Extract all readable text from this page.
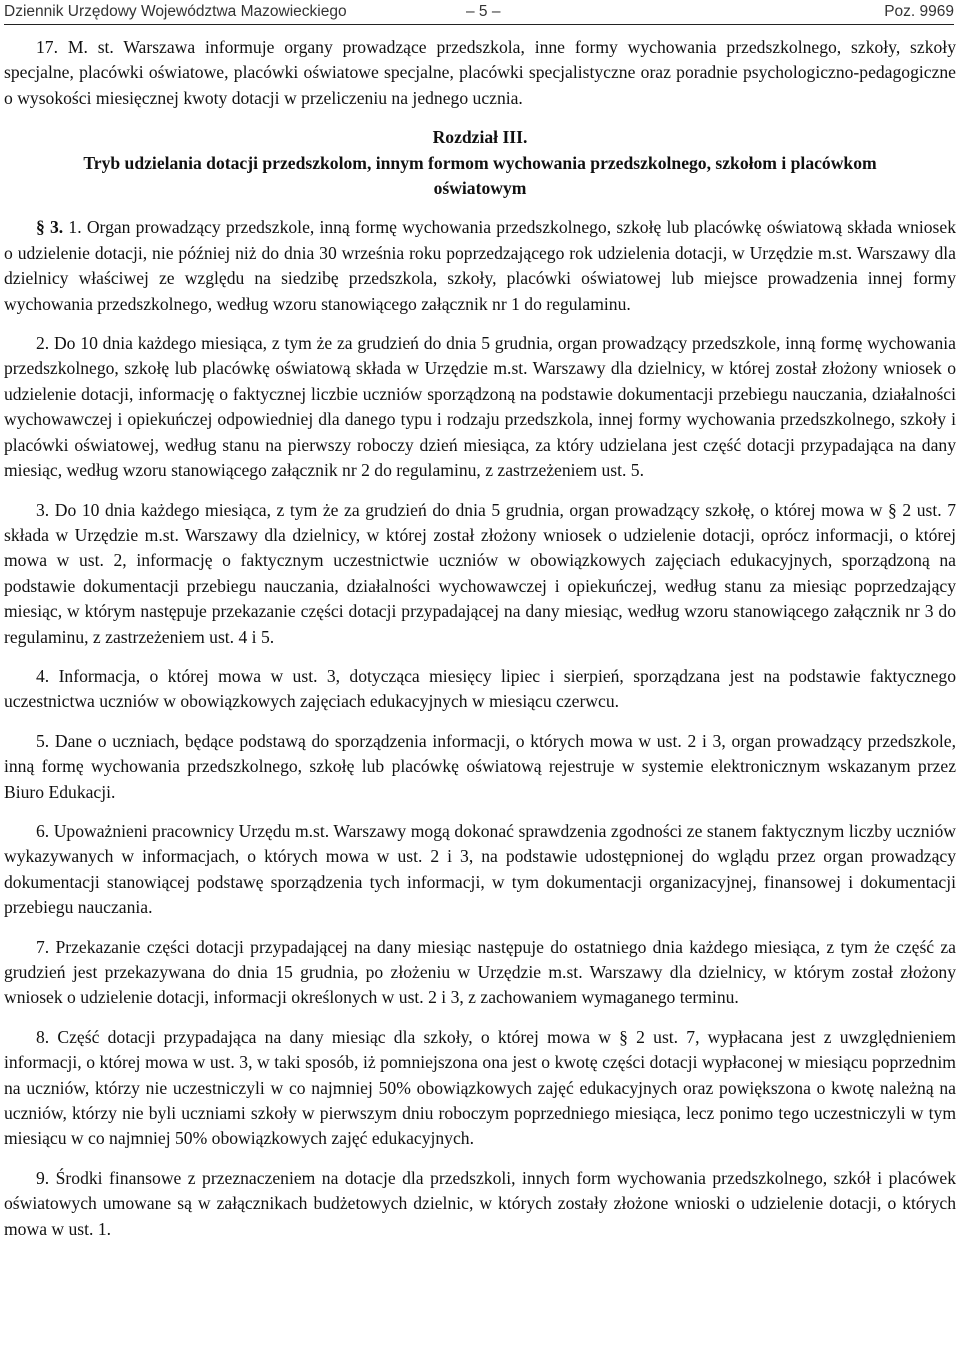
Dziennik Urzędowy Województwa Mazowieckiego	– 5 –	Poz. 9969

17. M. st. Warszawa informuje organy prowadzące przedszkola, inne formy wychowania przedszkolnego, szkoły, szkoły specjalne, placówki oświatowe, placówki oświatowe specjalne, placówki specjalistyczne oraz poradnie psychologiczno-pedagogiczne o wysokości miesięcznej kwoty dotacji w przeliczeniu na jednego ucznia.

Rozdział III.

Tryb udzielania dotacji przedszkolom, innym formom wychowania przedszkolnego, szkołom i placówkom oświatowym

§ 3. 1. Organ prowadzący przedszkole, inną formę wychowania przedszkolnego, szkołę lub placówkę oświatową składa wniosek o udzielenie dotacji, nie później niż do dnia 30 września roku poprzedzającego rok udzielenia dotacji, w Urzędzie m.st. Warszawy dla dzielnicy właściwej ze względu na siedzibę przedszkola, szkoły, placówki oświatowej lub miejsce prowadzenia innej formy wychowania przedszkolnego, według wzoru stanowiącego załącznik nr 1 do regulaminu.

2. Do 10 dnia każdego miesiąca, z tym że za grudzień do dnia 5 grudnia, organ prowadzący przedszkole, inną formę wychowania przedszkolnego, szkołę lub placówkę oświatową składa w Urzędzie m.st. Warszawy dla dzielnicy, w której został złożony wniosek o udzielenie dotacji, informację o faktycznej liczbie uczniów sporządzoną na podstawie dokumentacji przebiegu nauczania, działalności wychowawczej i opiekuńczej odpowiedniej dla danego typu i rodzaju przedszkola, innej formy wychowania przedszkolnego, szkoły i placówki oświatowej, według stanu na pierwszy roboczy dzień miesiąca, za który udzielana jest część dotacji przypadająca na dany miesiąc, według wzoru stanowiącego załącznik nr 2 do regulaminu, z zastrzeżeniem ust. 5.

3. Do 10 dnia każdego miesiąca, z tym że za grudzień do dnia 5 grudnia, organ prowadzący szkołę, o której mowa w § 2 ust. 7 składa w Urzędzie m.st. Warszawy dla dzielnicy, w której został złożony wniosek o udzielenie dotacji, oprócz informacji, o której mowa w ust. 2, informację o faktycznym uczestnictwie uczniów w obowiązkowych zajęciach edukacyjnych, sporządzoną na podstawie dokumentacji przebiegu nauczania, działalności wychowawczej i opiekuńczej, według stanu za miesiąc poprzedzający miesiąc, w którym następuje przekazanie części dotacji przypadającej na dany miesiąc, według wzoru stanowiącego załącznik nr 3 do regulaminu, z zastrzeżeniem ust. 4 i 5.

4. Informacja, o której mowa w ust. 3, dotycząca miesięcy lipiec i sierpień, sporządzana jest na podstawie faktycznego uczestnictwa uczniów w obowiązkowych zajęciach edukacyjnych w miesiącu czerwcu.

5. Dane o uczniach, będące podstawą do sporządzenia informacji, o których mowa w ust. 2 i 3, organ prowadzący przedszkole, inną formę wychowania przedszkolnego, szkołę lub placówkę oświatową rejestruje w systemie elektronicznym wskazanym przez Biuro Edukacji.

6. Upoważnieni pracownicy Urzędu m.st. Warszawy mogą dokonać sprawdzenia zgodności ze stanem faktycznym liczby uczniów wykazywanych w informacjach, o których mowa w ust. 2 i 3, na podstawie udostępnionej do wglądu przez organ prowadzący dokumentacji stanowiącej podstawę sporządzenia tych informacji, w tym dokumentacji organizacyjnej, finansowej i dokumentacji przebiegu nauczania.

7. Przekazanie części dotacji przypadającej na dany miesiąc następuje do ostatniego dnia każdego miesiąca, z tym że część za grudzień jest przekazywana do dnia 15 grudnia, po złożeniu w Urzędzie m.st. Warszawy dla dzielnicy, w którym został złożony wniosek o udzielenie dotacji, informacji określonych w ust. 2 i 3, z zachowaniem wymaganego terminu.

8. Część dotacji przypadająca na dany miesiąc dla szkoły, o której mowa w § 2 ust. 7, wypłacana jest z uwzględnieniem informacji, o której mowa w ust. 3, w taki sposób, iż pomniejszona ona jest o kwotę części dotacji wypłaconej w miesiącu poprzednim na uczniów, którzy nie uczestniczyli w co najmniej 50% obowiązkowych zajęć edukacyjnych oraz powiększona o kwotę należną na uczniów, którzy nie byli uczniami szkoły w pierwszym dniu roboczym poprzedniego miesiąca, lecz ponimo tego uczestniczyli w tym miesiącu w co najmniej 50% obowiązkowych zajęć edukacyjnych.

9. Środki finansowe z przeznaczeniem na dotacje dla przedszkoli, innych form wychowania przedszkolnego, szkół i placówek oświatowych umowane są w załącznikach budżetowych dzielnic, w których zostały złożone wnioski o udzielenie dotacji, o których mowa w ust. 1.
